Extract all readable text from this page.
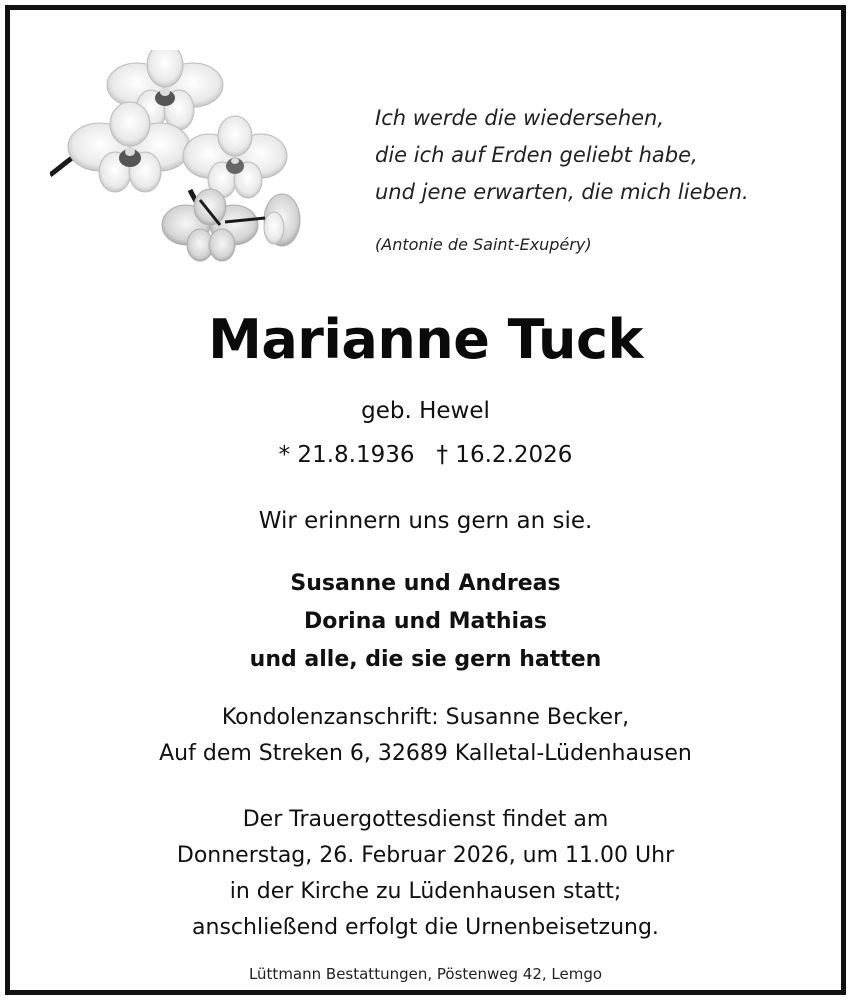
Ich werde die wiedersehen,
die ich auf Erden geliebt habe,
und jene erwarten, die mich lieben.
(Antonie de Saint-Exupéry)
Marianne Tuck
geb. Hewel
* 21.8.1936 † 16.2.2026
Wir erinnern uns gern an sie.
Susanne und Andreas
Dorina und Mathias
und alle, die sie gern hatten
Kondolenzanschrift: Susanne Becker,
Auf dem Streken 6, 32689 Kalletal-Lüdenhausen
Der Trauergottesdienst findet am
Donnerstag, 26. Februar 2026, um 11.00 Uhr
in der Kirche zu Lüdenhausen statt;
anschließend erfolgt die Urnenbeisetzung.
Lüttmann Bestattungen, Pöstenweg 42, Lemgo
